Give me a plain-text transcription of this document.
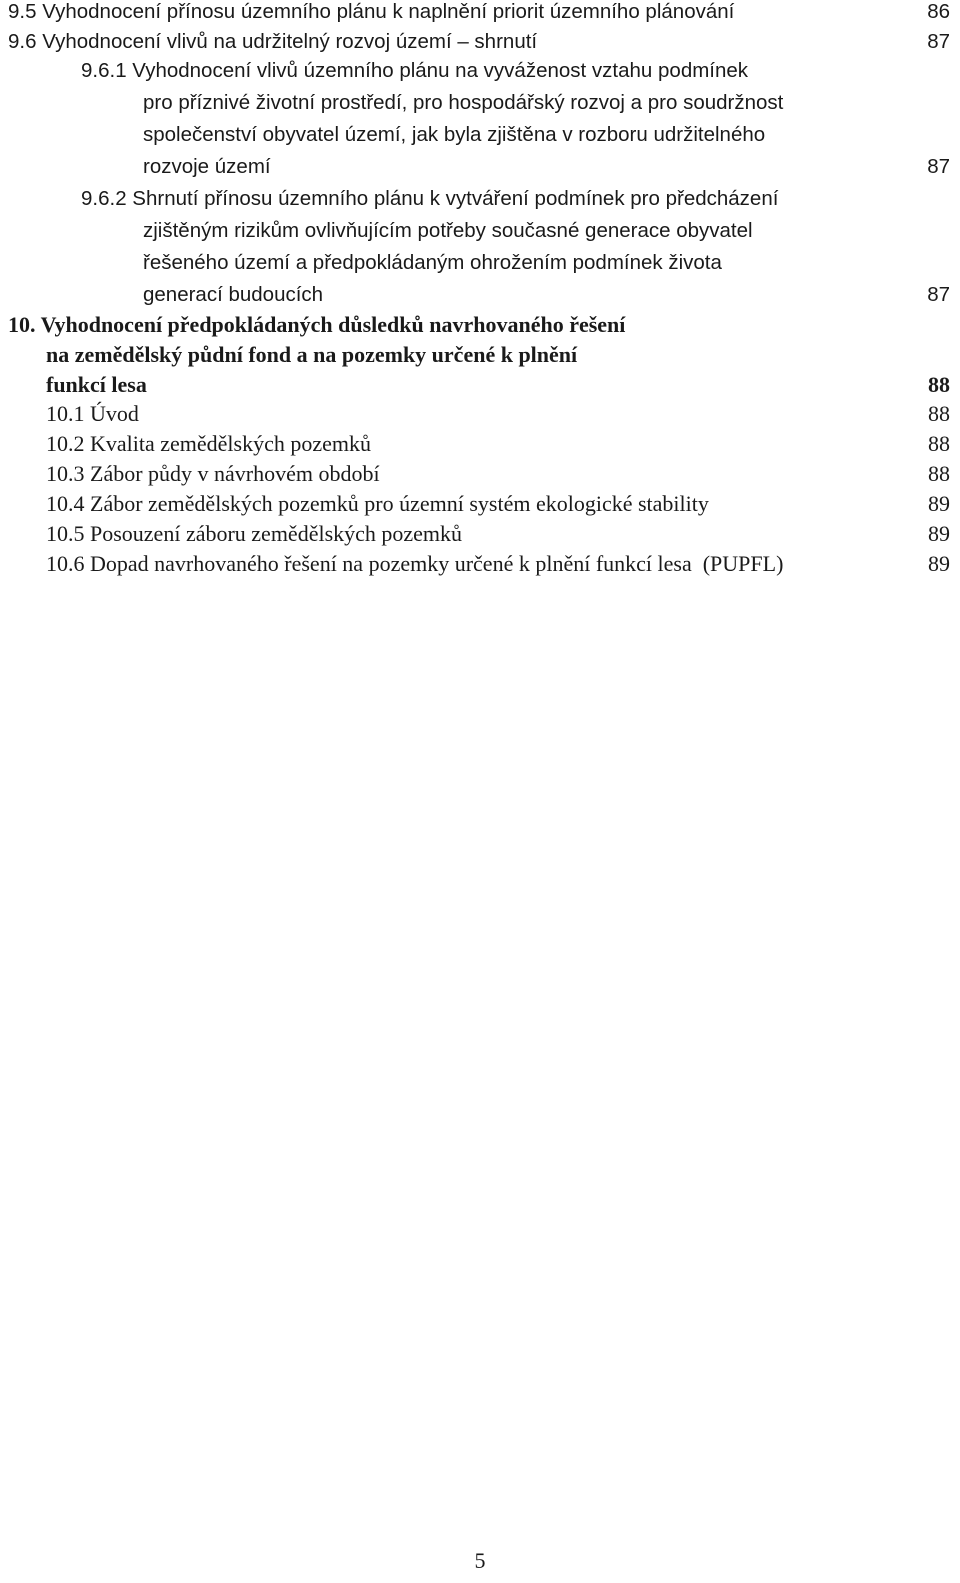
9.5 Vyhodnocení přínosu územního plánu k naplnění priorit územního plánování	86
9.6 Vyhodnocení vlivů na udržitelný rozvoj území – shrnutí	87
9.6.1 Vyhodnocení vlivů územního plánu na vyváženost vztahu podmínek
pro příznivé životní prostředí, pro hospodářský rozvoj a pro soudržnost
společenství obyvatel území, jak byla zjištěna v rozboru udržitelného
rozvoje území	87
9.6.2 Shrnutí přínosu územního plánu k vytváření podmínek pro předcházení
zjištěným rizikům ovlivňujícím potřeby současné generace obyvatel
řešeného území a předpokládaným ohrožením podmínek života
generací budoucích	87
10. Vyhodnocení předpokládaných důsledků navrhovaného řešení
na zemědělský půdní fond a na pozemky určené k plnění
funkcí lesa	88
10.1 Úvod	88
10.2 Kvalita zemědělských pozemků	88
10.3 Zábor půdy v návrhovém období	88
10.4 Zábor zemědělských pozemků pro územní systém ekologické stability	89
10.5 Posouzení záboru zemědělských pozemků	89
10.6 Dopad navrhovaného řešení na pozemky určené k plnění funkcí lesa  (PUPFL)	89
5
